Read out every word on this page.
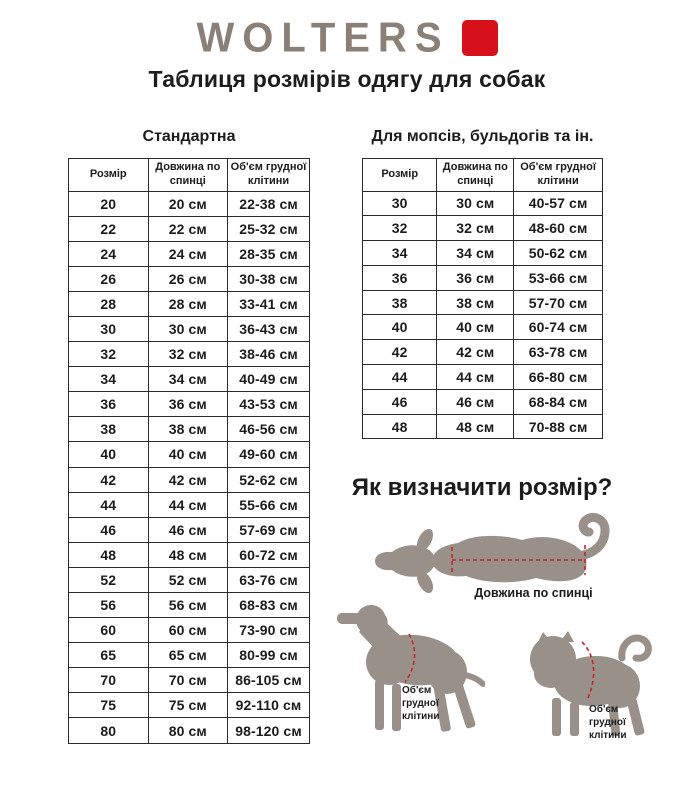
WOLTERS
Таблиця розмірів одягу для собак
Стандартна
Розмір	Довжина по спинці	Об'єм грудної клітини
20	20 см	22-38 см
22	22 см	25-32 см
24	24 см	28-35 см
26	26 см	30-38 см
28	28 см	33-41 см
30	30 см	36-43 см
32	32 см	38-46 см
34	34 см	40-49 см
36	36 см	43-53 см
38	38 см	46-56 см
40	40 см	49-60 см
42	42 см	52-62 см
44	44 см	55-66 см
46	46 см	57-69 см
48	48 см	60-72 см
52	52 см	63-76 см
56	56 см	68-83 см
60	60 см	73-90 см
65	65 см	80-99 см
70	70 см	86-105 см
75	75 см	92-110 см
80	80 см	98-120 см
Для мопсів, бульдогів та ін.
Розмір	Довжина по спинці	Об'єм грудної клітини
30	30 см	40-57 см
32	32 см	48-60 см
34	34 см	50-62 см
36	36 см	53-66 см
38	38 см	57-70 см
40	40 см	60-74 см
42	42 см	63-78 см
44	44 см	66-80 см
46	46 см	68-84 см
48	48 см	70-88 см
Як визначити розмір?
Довжина по спинці
Об'єм
грудної
клітини
Об'єм
грудної
клітини
